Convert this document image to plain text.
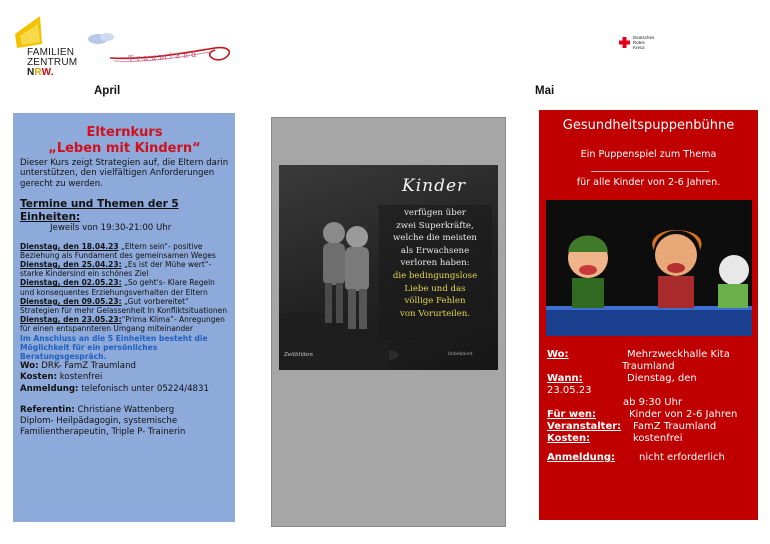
FAMILIEN
ZENTRUM
NRW.
Traumland
Deutsches
Rotes
Kreuz
April	Mai
Elternkurs
„Leben mit Kindern“
Dieser Kurs zeigt Strategien auf, die Eltern darin unterstützen, den vielfältigen Anforderungen gerecht zu werden.
Termine und Themen der 5
Einheiten:
Jeweils von 19:30-21:00 Uhr
Dienstag, den 18.04.23 „Eltern sein“- positive Beziehung als Fundament des gemeinsamen Weges
Dienstag, den 25.04.23: „Es ist der Mühe wert“- starke Kindersind ein schönes Ziel
Dienstag, den 02.05.23: „So geht's- Klare Regeln und konsequentes Erziehungsverhalten der Eltern
Dienstag, den 09.05.23: „Gut vorbereitet“ Strategien für mehr Gelassenheit In Konfliktsituationen
Dienstag, den 23.05.23:“Prima Klima”- Anregungen für einen entspannteren Umgang miteinander
Im Anschluss an die 5 Einheiten besteht die Möglichkeit für ein persönliches Beratungsgespräch.
Wo: DRK- FamZ Traumland
Kosten: kostenfrei
Anmeldung: telefonisch unter 05224/4831
Referentin: Christiane Wattenberg
Diplom- Heilpädagogin, systemische Familientherapeutin, Triple P- Trainerin
Kinder
verfügen über
zwei Superkräfte,
welche die meisten
als Erwachsene
verloren haben:
die bedingungslose
Liebe und das
völlige Fehlen
von Vorurteilen.
Zeitblüten	Unbekannt
Gesundheitspuppenbühne
Ein Puppenspiel zum Thema
für alle Kinder von 2-6 Jahren.
Wo:	Mehrzweckhalle Kita
Traumland
Wann:	Dienstag, den
23.05.23
ab 9:30 Uhr
Für wen:	Kinder von 2-6 Jahren
Veranstalter: FamZ Traumland
Kosten:	kostenfrei
Anmeldung: nicht erforderlich
